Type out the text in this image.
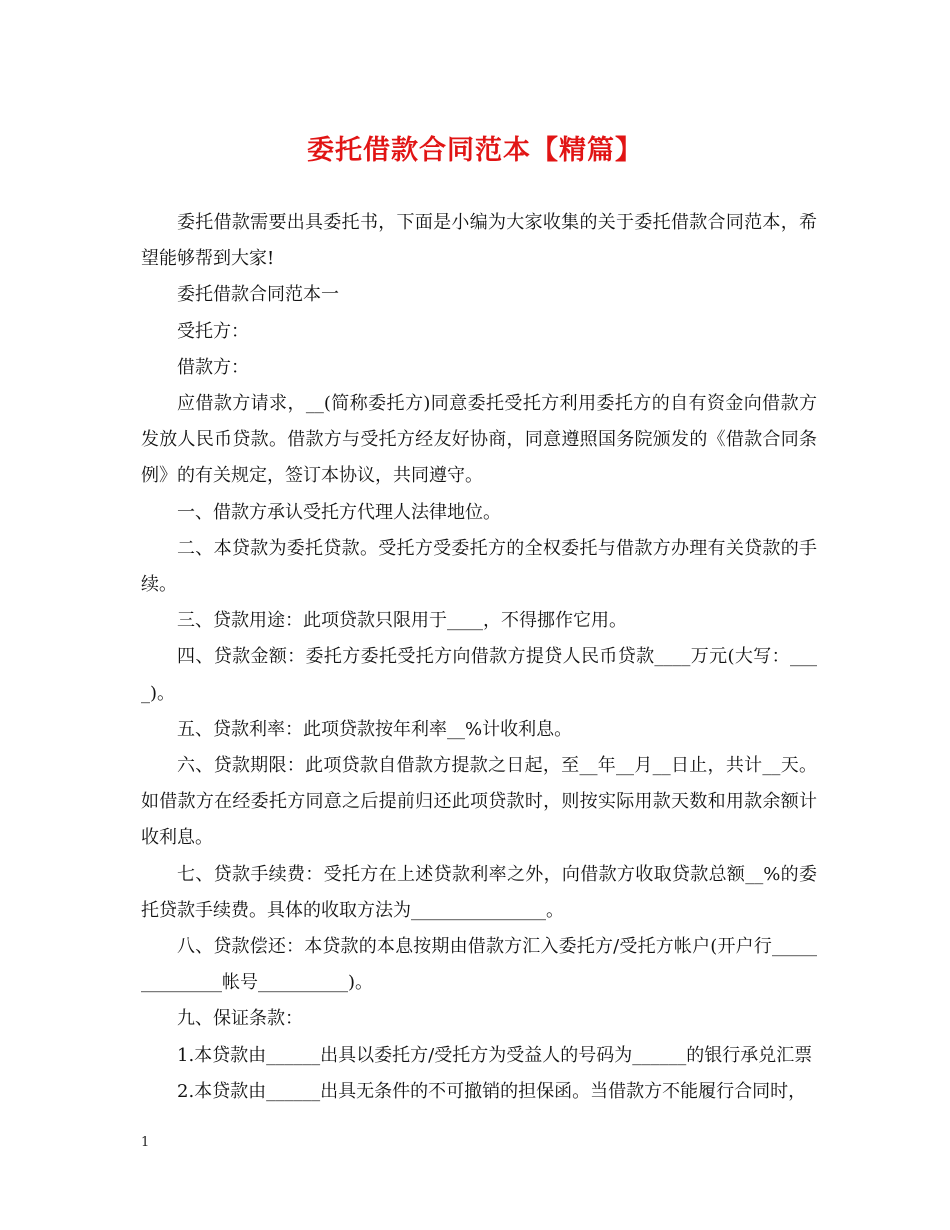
委托借款合同范本【精篇】

委托借款需要出具委托书，下面是小编为大家收集的关于委托借款合同范本，希望能够帮到大家!

委托借款合同范本一

受托方：

借款方：

应借款方请求，__(简称委托方)同意委托受托方利用委托方的自有资金向借款方发放人民币贷款。借款方与受托方经友好协商，同意遵照国务院颁发的《借款合同条例》的有关规定，签订本协议，共同遵守。

一、借款方承认受托方代理人法律地位。

二、本贷款为委托贷款。受托方受委托方的全权委托与借款方办理有关贷款的手续。

三、贷款用途：此项贷款只限用于____，不得挪作它用。

四、贷款金额：委托方委托受托方向借款方提贷人民币贷款____万元(大写：____)。

五、贷款利率：此项贷款按年利率__%计收利息。

六、贷款期限：此项贷款自借款方提款之日起，至__年__月__日止，共计__天。如借款方在经委托方同意之后提前归还此项贷款时，则按实际用款天数和用款余额计收利息。

七、贷款手续费：受托方在上述贷款利率之外，向借款方收取贷款总额__%的委托贷款手续费。具体的收取方法为_______________。

八、贷款偿还：本贷款的本息按期由借款方汇入委托方/受托方帐户(开户行______________帐号__________)。

九、保证条款：

1.本贷款由______出具以委托方/受托方为受益人的号码为______的银行承兑汇票

2.本贷款由______出具无条件的不可撤销的担保函。当借款方不能履行合同时，

1
